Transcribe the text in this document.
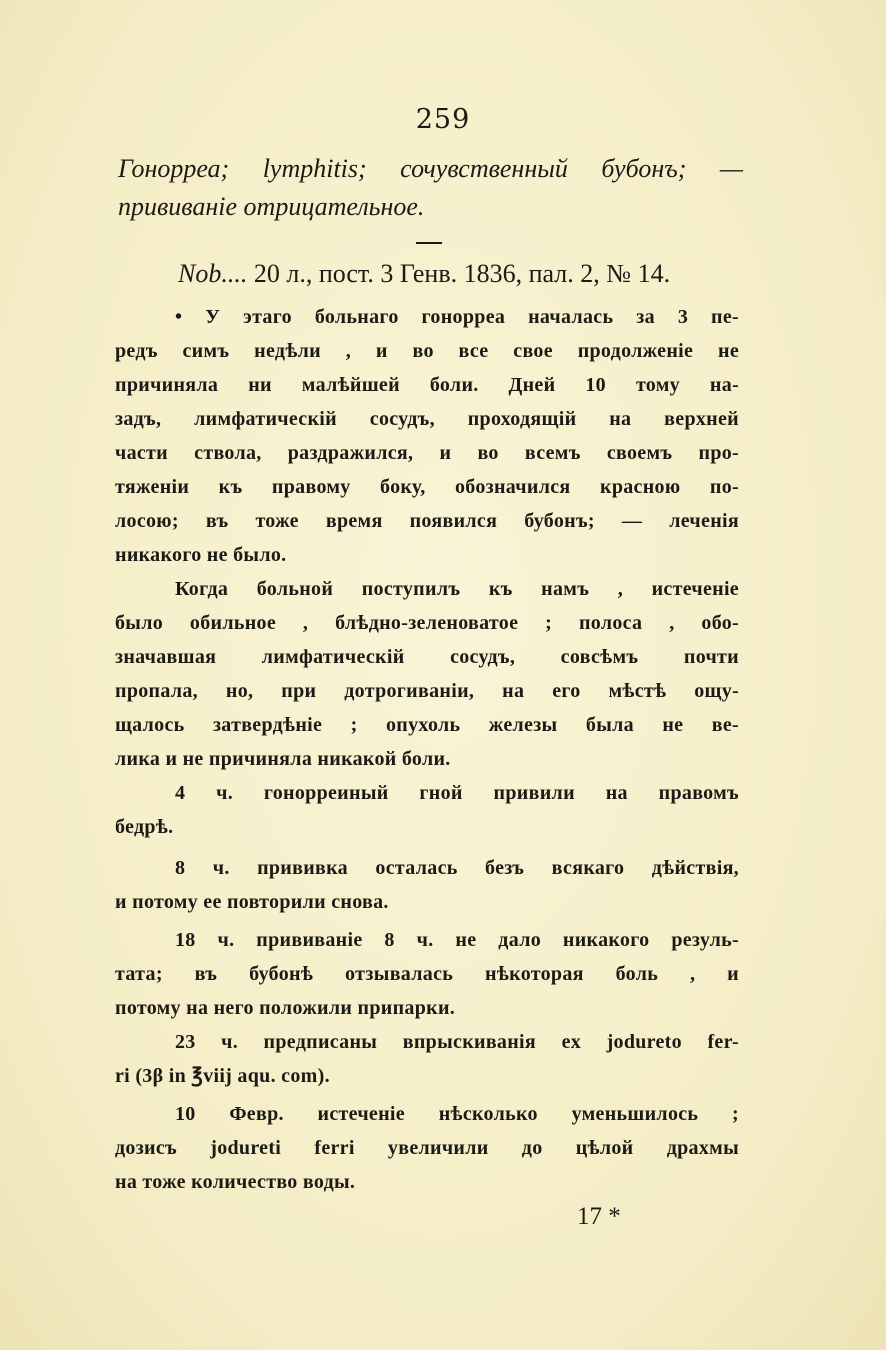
259
Гонорреа; lymphitis; сочувственный бубонъ; — прививаніе отрицательное.
Nob.... 20 л., пост. 3 Генв. 1836, пал. 2, № 14.
• У этаго больнаго гонорреа началась за 3 пе-
редъ симъ недѣли , и во все свое продолженіе не
причиняла ни малѣйшей боли. Дней 10 тому на-
задъ, лимфатическій сосудъ, проходящій на верхней
части ствола, раздражился, и во всемъ своемъ про-
тяженіи къ правому боку, обозначился красною по-
лосою; въ тоже время появился бубонъ; — леченія
никакого не было.
Когда больной поступилъ къ намъ , истеченіе
было обильное , блѣдно-зеленоватое ; полоса , обо-
значавшая лимфатическій сосудъ, совсѣмъ почти
пропала, но, при дотрогиваніи, на его мѣстѣ ощу-
щалось затвердѣніе ; опухоль железы была не ве-
лика и не причиняла никакой боли.
4 ч. гонорреиный гной привили на правомъ
бедрѣ.
8 ч. прививка осталась безъ всякаго дѣйствія,
и потому ее повторили снова.
18 ч. прививаніе 8 ч. не дало никакого резуль-
тата; въ бубонѣ отзывалась нѣкоторая боль , и
потому на него положили припарки.
23 ч. предписаны впрыскиванія ex jodureto fer-
ri (3β in ℥viij aqu. com).
10 Февр. истеченіе нѣсколько уменьшилось ;
дозисъ jodureti ferri увеличили до цѣлой драхмы
на тоже количество воды.
17 *
